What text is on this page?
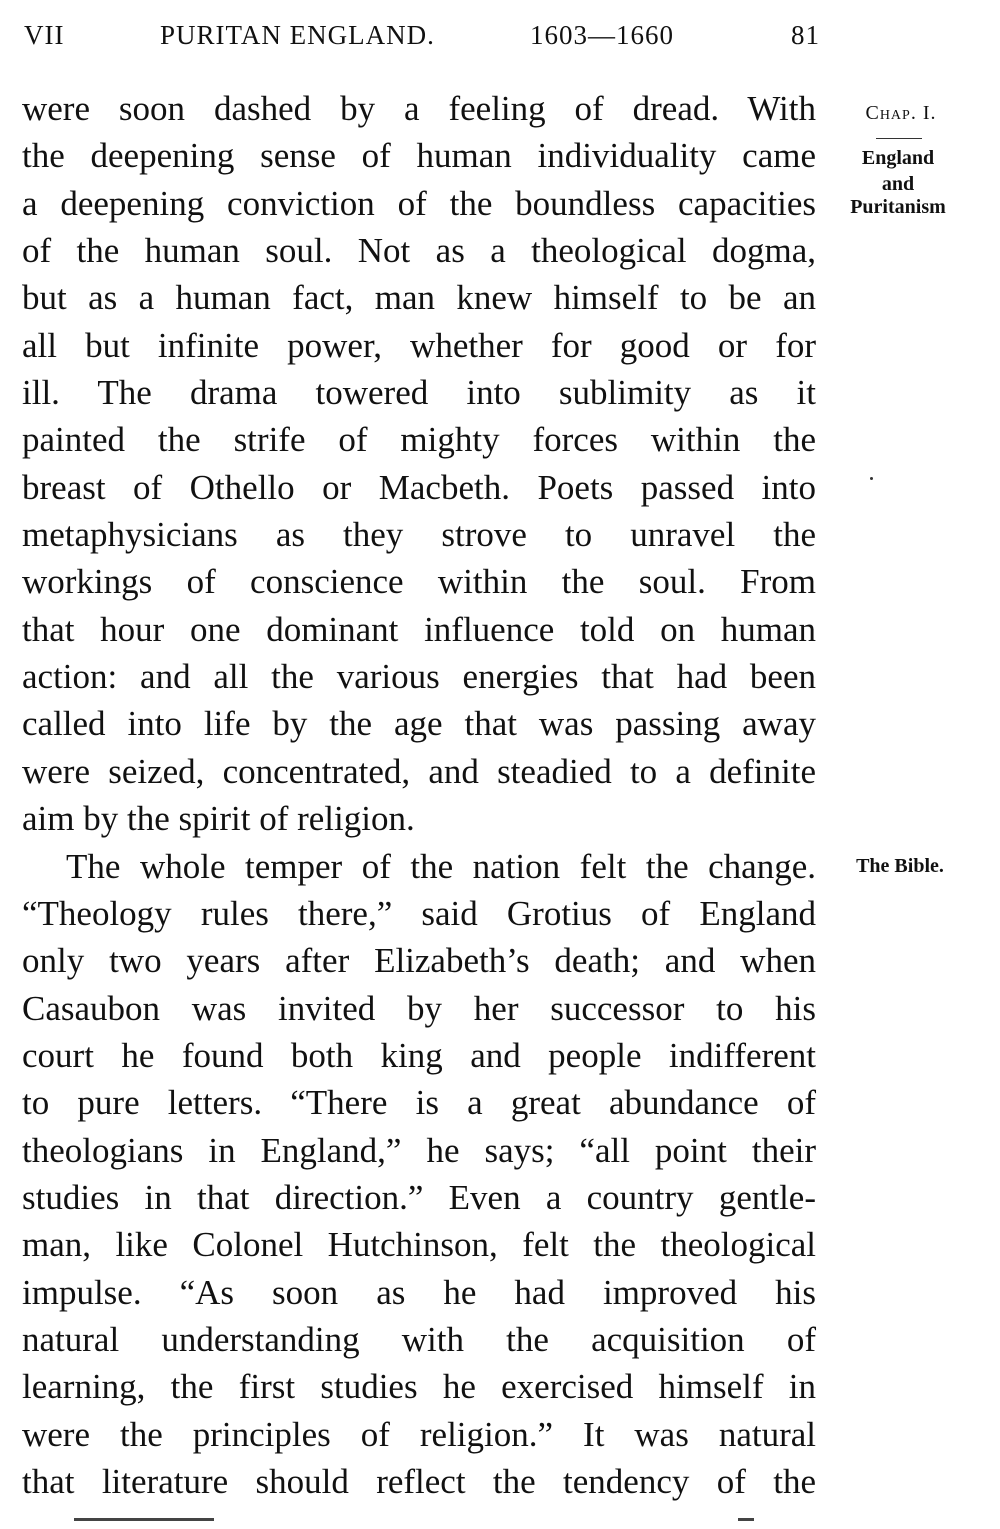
VII	PURITAN ENGLAND.	1603—1660	81
Chap. I.
England
and
Puritanism
The Bible.
were soon dashed by a feeling of dread. With
the deepening sense of human individuality came
a deepening conviction of the boundless capacities
of the human soul. Not as a theological dogma,
but as a human fact, man knew himself to be an
all but infinite power, whether for good or for
ill. The drama towered into sublimity as it
painted the strife of mighty forces within the
breast of Othello or Macbeth. Poets passed into
metaphysicians as they strove to unravel the
workings of conscience within the soul. From
that hour one dominant influence told on human
action: and all the various energies that had been
called into life by the age that was passing away
were seized, concentrated, and steadied to a definite
aim by the spirit of religion.
The whole temper of the nation felt the change.
“Theology rules there,” said Grotius of England
only two years after Elizabeth’s death; and when
Casaubon was invited by her successor to his
court he found both king and people indifferent
to pure letters. “There is a great abundance of
theologians in England,” he says; “all point their
studies in that direction.” Even a country gentle-
man, like Colonel Hutchinson, felt the theological
impulse. “As soon as he had improved his
natural understanding with the acquisition of
learning, the first studies he exercised himself in
were the principles of religion.” It was natural
that literature should reflect the tendency of the
